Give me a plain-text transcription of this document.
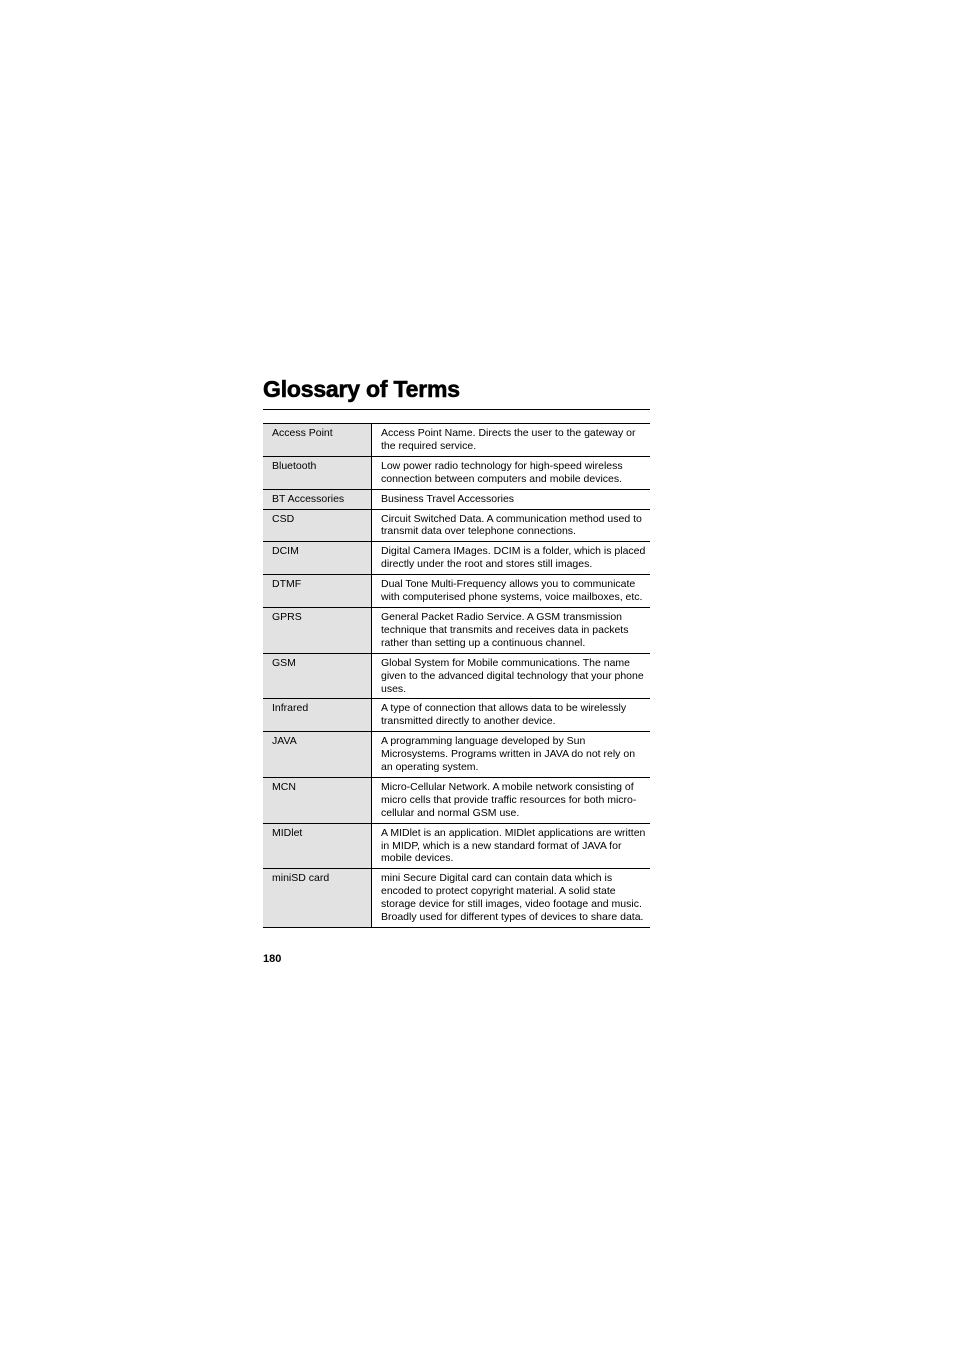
Glossary of Terms
Access Point	Access Point Name. Directs the user to the gateway or the required service.
Bluetooth	Low power radio technology for high-speed wireless connection between computers and mobile devices.
BT Accessories	Business Travel Accessories
CSD	Circuit Switched Data. A communication method used to transmit data over telephone connections.
DCIM	Digital Camera IMages. DCIM is a folder, which is placed directly under the root and stores still images.
DTMF	Dual Tone Multi-Frequency allows you to communicate with computerised phone systems, voice mailboxes, etc.
GPRS	General Packet Radio Service. A GSM transmission technique that transmits and receives data in packets rather than setting up a continuous channel.
GSM	Global System for Mobile communications. The name given to the advanced digital technology that your phone uses.
Infrared	A type of connection that allows data to be wirelessly transmitted directly to another device.
JAVA	A programming language developed by Sun Microsystems. Programs written in JAVA do not rely on an operating system.
MCN	Micro-Cellular Network. A mobile network consisting of micro cells that provide traffic resources for both micro-cellular and normal GSM use.
MIDlet	A MIDlet is an application. MIDlet applications are written in MIDP, which is a new standard format of JAVA for mobile devices.
miniSD card	mini Secure Digital card can contain data which is encoded to protect copyright material. A solid state storage device for still images, video footage and music. Broadly used for different types of devices to share data.
180
